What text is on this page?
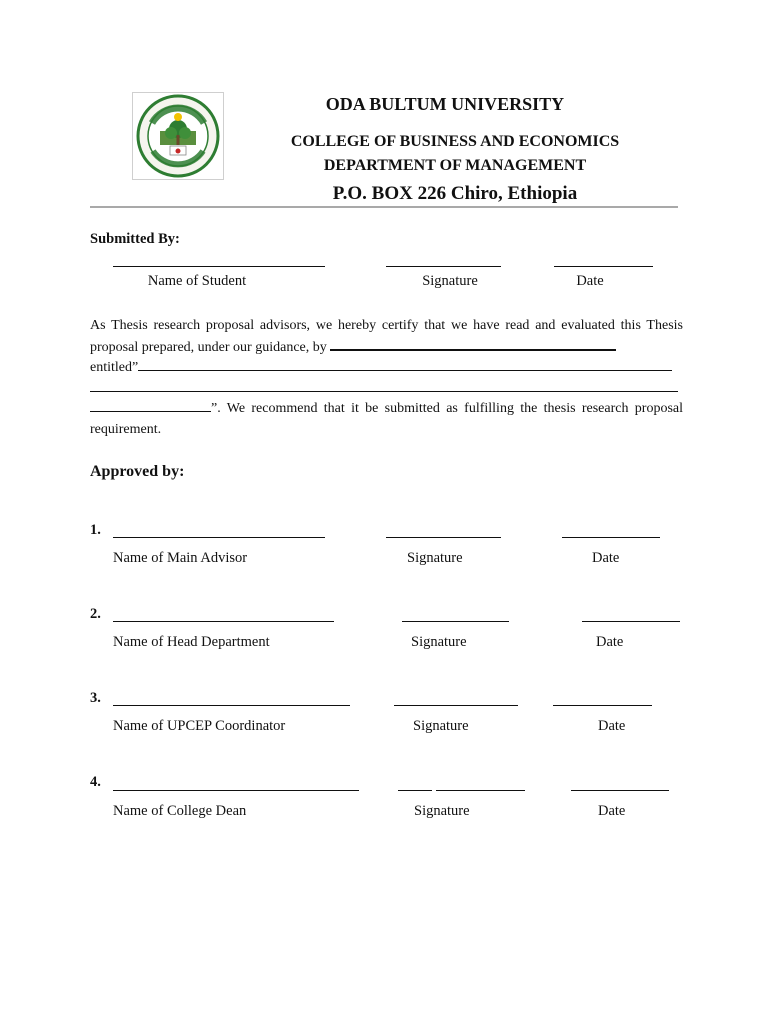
ODA BULTUM UNIVERSITY
COLLEGE OF BUSINESS AND ECONOMICS
DEPARTMENT OF MANAGEMENT
P.O. BOX 226 Chiro, Ethiopia
Submitted By:
Name of Student	Signature	Date
As Thesis research proposal advisors, we hereby certify that we have read and evaluated this Thesis proposal prepared, under our guidance, by
entitled”
”. We recommend that it be submitted as fulfilling the thesis research proposal requirement.
Approved by:
1.
Name of Main Advisor	Signature	Date
2.
Name of Head Department	Signature	Date
3.
Name of UPCEP Coordinator	Signature	Date
4.
Name of College Dean	Signature	Date
